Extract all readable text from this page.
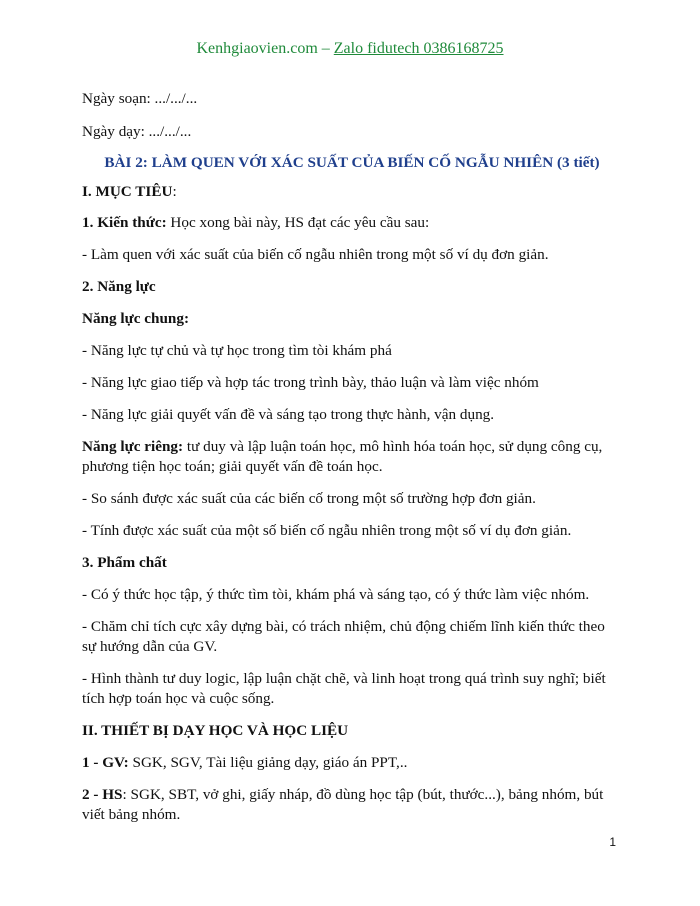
Kenhgiaovien.com – Zalo fidutech 0386168725

Ngày soạn: .../.../...

Ngày dạy: .../.../...

BÀI 2: LÀM QUEN VỚI XÁC SUẤT CỦA BIẾN CỐ NGẪU NHIÊN (3 tiết)

I. MỤC TIÊU:

1. Kiến thức: Học xong bài này, HS đạt các yêu cầu sau:

- Làm quen với xác suất của biến cố ngẫu nhiên trong một số ví dụ đơn giản.

2. Năng lực

Năng lực chung:

- Năng lực tự chủ và tự học trong tìm tòi khám phá

- Năng lực giao tiếp và hợp tác trong trình bày, thảo luận và làm việc nhóm

- Năng lực giải quyết vấn đề và sáng tạo trong thực hành, vận dụng.

Năng lực riêng: tư duy và lập luận toán học, mô hình hóa toán học, sử dụng công cụ,

phương tiện học toán; giải quyết vấn đề toán học.

- So sánh được xác suất của các biến cố trong một số trường hợp đơn giản.

- Tính được xác suất của một số biến cố ngẫu nhiên trong một số ví dụ đơn giản.

3. Phẩm chất

- Có ý thức học tập, ý thức tìm tòi, khám phá và sáng tạo, có ý thức làm việc nhóm.

- Chăm chỉ tích cực xây dựng bài, có trách nhiệm, chủ động chiếm lĩnh kiến thức theo

sự hướng dẫn của GV.

- Hình thành tư duy logic, lập luận chặt chẽ, và linh hoạt trong quá trình suy nghĩ; biết

tích hợp toán học và cuộc sống.

II. THIẾT BỊ DẠY HỌC VÀ HỌC LIỆU

1 - GV: SGK, SGV, Tài liệu giảng dạy, giáo án PPT,..

2 - HS: SGK, SBT, vở ghi, giấy nháp, đồ dùng học tập (bút, thước...), bảng nhóm, bút

viết bảng nhóm.

1
